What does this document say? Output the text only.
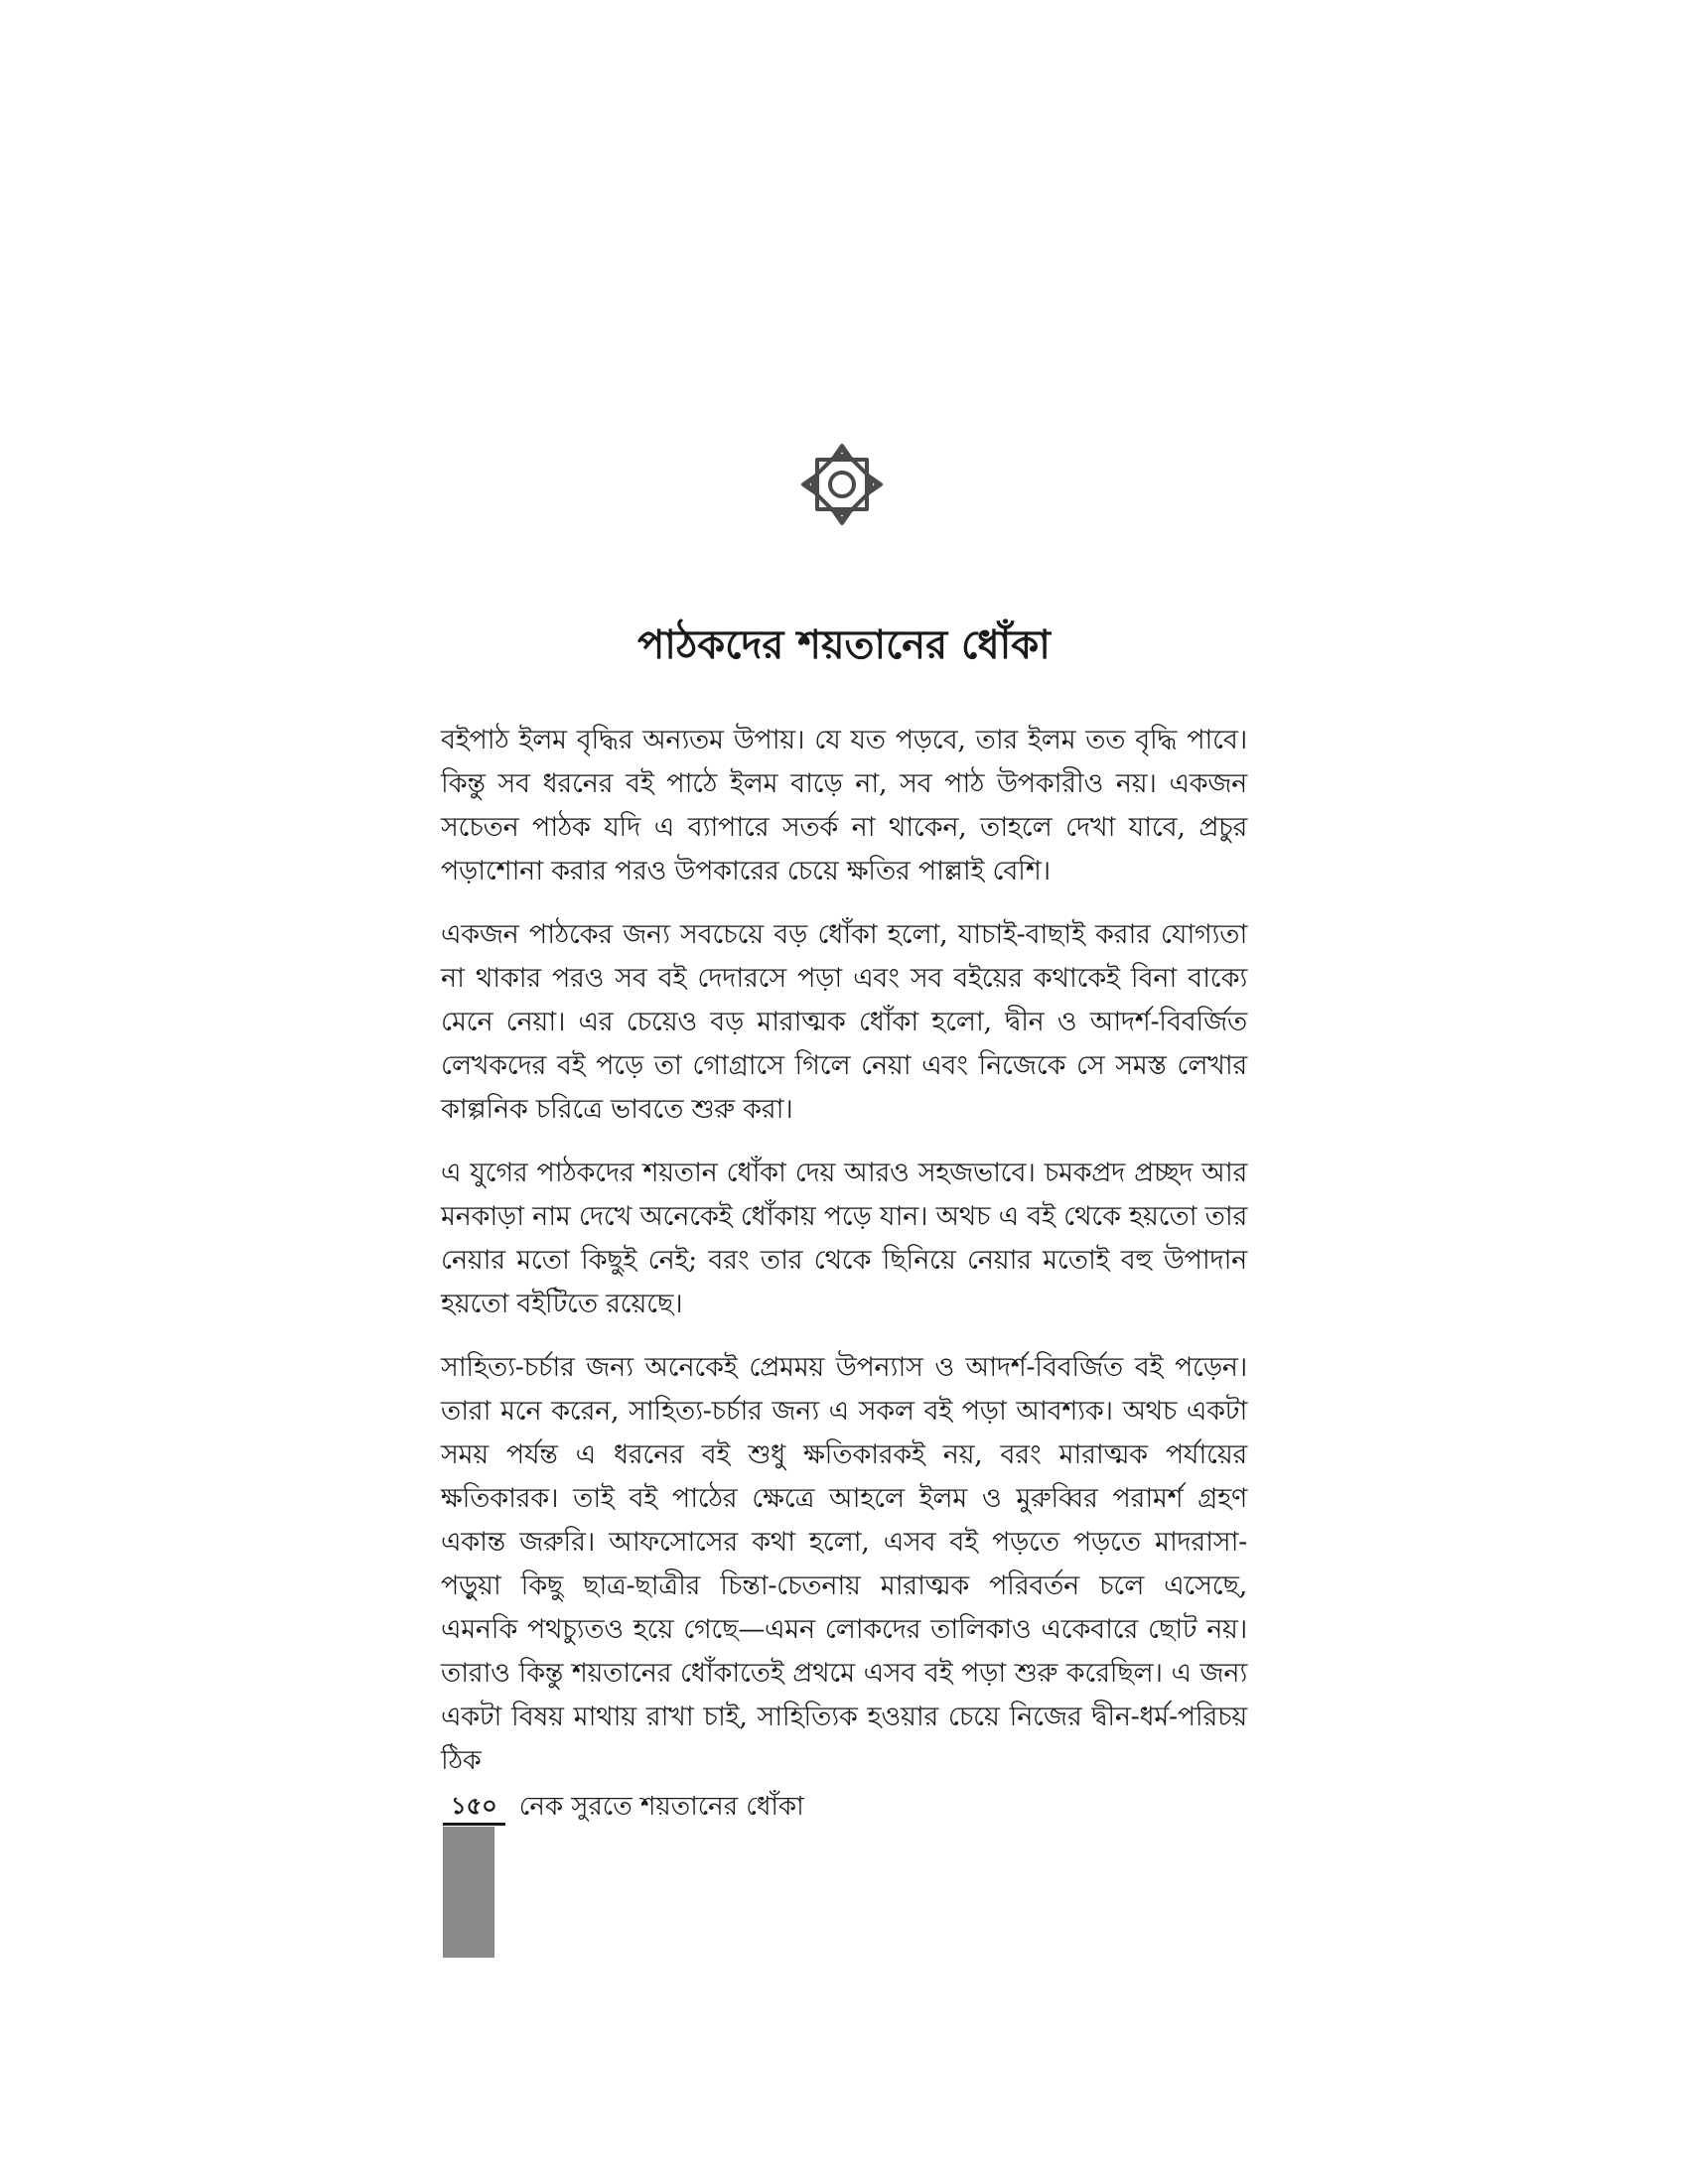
পাঠকদের শয়তানের ধোঁকা

বইপাঠ ইলম বৃদ্ধির অন্যতম উপায়। যে যত পড়বে, তার ইলম তত বৃদ্ধি পাবে। কিন্তু সব ধরনের বই পাঠে ইলম বাড়ে না, সব পাঠ উপকারীও নয়। একজন সচেতন পাঠক যদি এ ব্যাপারে সতর্ক না থাকেন, তাহলে দেখা যাবে, প্রচুর পড়াশোনা করার পরও উপকারের চেয়ে ক্ষতির পাল্লাই বেশি।

একজন পাঠকের জন্য সবচেয়ে বড় ধোঁকা হলো, যাচাই-বাছাই করার যোগ্যতা না থাকার পরও সব বই দেদারসে পড়া এবং সব বইয়ের কথাকেই বিনা বাক্যে মেনে নেয়া। এর চেয়েও বড় মারাত্মক ধোঁকা হলো, দ্বীন ও আদর্শ-বিবর্জিত লেখকদের বই পড়ে তা গোগ্রাসে গিলে নেয়া এবং নিজেকে সে সমস্ত লেখার কাল্পনিক চরিত্রে ভাবতে শুরু করা।

এ যুগের পাঠকদের শয়তান ধোঁকা দেয় আরও সহজভাবে। চমকপ্রদ প্রচ্ছদ আর মনকাড়া নাম দেখে অনেকেই ধোঁকায় পড়ে যান। অথচ এ বই থেকে হয়তো তার নেয়ার মতো কিছুই নেই; বরং তার থেকে ছিনিয়ে নেয়ার মতোই বহু উপাদান হয়তো বইটিতে রয়েছে।

সাহিত্য-চর্চার জন্য অনেকেই প্রেমময় উপন্যাস ও আদর্শ-বিবর্জিত বই পড়েন। তারা মনে করেন, সাহিত্য-চর্চার জন্য এ সকল বই পড়া আবশ্যক। অথচ একটা সময় পর্যন্ত এ ধরনের বই শুধু ক্ষতিকারকই নয়, বরং মারাত্মক পর্যায়ের ক্ষতিকারক। তাই বই পাঠের ক্ষেত্রে আহলে ইলম ও মুরুব্বির পরামর্শ গ্রহণ একান্ত জরুরি। আফসোসের কথা হলো, এসব বই পড়তে পড়তে মাদরাসা-পড়ুয়া কিছু ছাত্র-ছাত্রীর চিন্তা-চেতনায় মারাত্মক পরিবর্তন চলে এসেছে, এমনকি পথচ্যুতও হয়ে গেছে—এমন লোকদের তালিকাও একেবারে ছোট নয়। তারাও কিন্তু শয়তানের ধোঁকাতেই প্রথমে এসব বই পড়া শুরু করেছিল। এ জন্য একটা বিষয় মাথায় রাখা চাই, সাহিত্যিক হওয়ার চেয়ে নিজের দ্বীন-ধর্ম-পরিচয় ঠিক

১৫০ নেক সুরতে শয়তানের ধোঁকা
